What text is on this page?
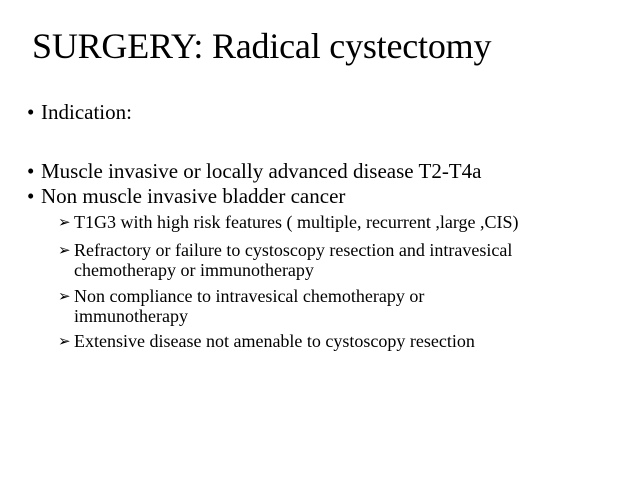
SURGERY: Radical cystectomy
• Indication:
• Muscle invasive or locally advanced disease T2-T4a
• Non muscle invasive bladder cancer
➢ T1G3 with high risk features ( multiple, recurrent ,large ,CIS)
➢ Refractory or failure to cystoscopy resection and intravesical
chemotherapy or immunotherapy
➢ Non compliance to intravesical chemotherapy or
immunotherapy
➢ Extensive disease not amenable to cystoscopy resection
